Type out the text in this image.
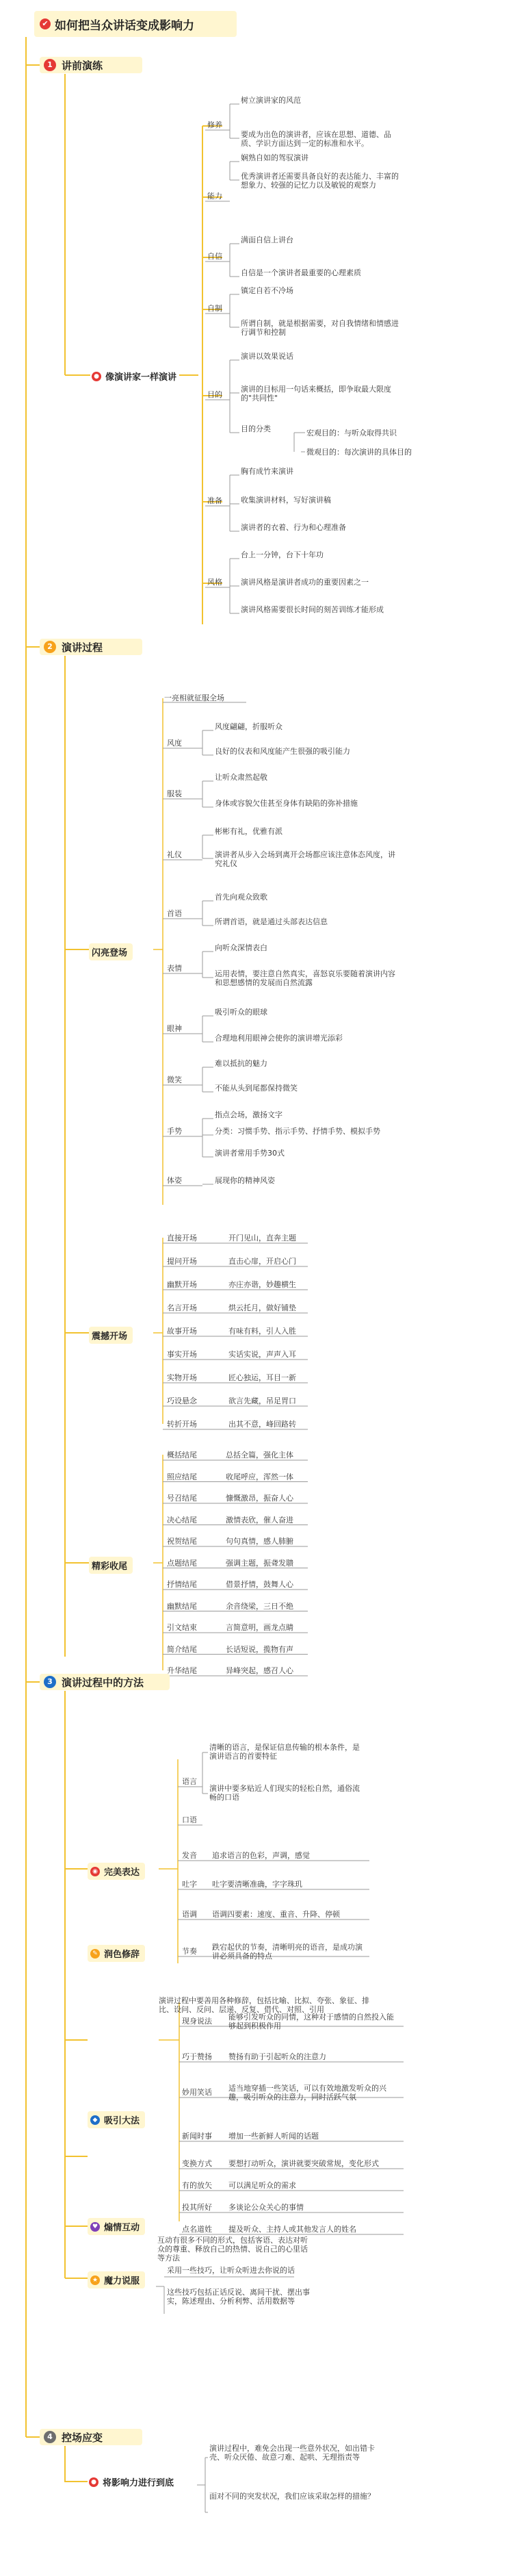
✔ 如何把当众讲话变成影响力
1 讲前演练
2 演讲过程
3 演讲过程中的方法
4 控场应变
● 像演讲家一样演讲
闪亮登场
震撼开场
精彩收尾
◉ 完美表达
✎ 润色修辞
◆ 吸引大法
♥ 煽情互动
★ 魔力说服
● 将影响力进行到底
修养
树立演讲家的风范
要成为出色的演讲者，应该在思想、道德、品质、学识方面达到一定的标准和水平。
能力
娴熟自如的驾驭演讲
优秀演讲者还需要具备良好的表达能力、丰富的想象力、较强的记忆力以及敏锐的观察力
自信
满面自信上讲台
自信是一个演讲者最重要的心理素质
自制
镇定自若不冷场
所谓自制，就是根据需要，对自我情绪和情感进行调节和控制
目的
演讲以效果说话
演讲的目标用一句话来概括，即争取最大限度的"共同性"
目的分类
准备
胸有成竹来演讲
收集演讲材料，写好演讲稿
演讲者的衣着、行为和心理准备
风格
台上一分钟，台下十年功
演讲风格是演讲者成功的重要因素之一
演讲风格需要很长时间的刻苦训练才能形成
宏观目的：与听众取得共识
微观目的：每次演讲的具体目的
一亮相就征服全场
风度
风度翩翩，折服听众
良好的仪表和风度能产生很强的吸引能力
服装
让听众肃然起敬
身体或容貌欠佳甚至身体有缺陷的弥补措施
礼仪
彬彬有礼，优雅有派
演讲者从步入会场到离开会场都应该注意体态风度，讲究礼仪
首语
首先向观众致歌
所谓首语，就是通过头部表达信息
表情
向听众深情表白
运用表情，要注意自然真实，喜怒哀乐要随着演讲内容和思想感情的发展而自然流露
眼神
吸引听众的眼球
合理地利用眼神会使你的演讲增光添彩
微笑
难以抵抗的魅力
不能从头到尾都保持微笑
手势
指点会场，激扬文字
分类：习惯手势、指示手势、抒情手势、模拟手势
演讲者常用手势30式
体姿	展现你的精神风姿
直接开场	开门见山，直奔主题
提问开场	直击心扉，开启心门
幽默开场	亦庄亦谐，妙趣横生
名言开场	烘云托月，做好铺垫
故事开场	有味有料，引人入胜
事实开场	实话实说，声声入耳
实物开场	匠心独运，耳目一新
巧设悬念	欲言先藏，吊足胃口
转折开场	出其不意，峰回路转
概括结尾	总括全篇，强化主体
照应结尾	收尾呼应，浑然一体
号召结尾	慷慨激昂，振奋人心
决心结尾	激情表欣，催人奋进
祝贺结尾	句句真情，感人肺腑
点题结尾	强调主题，振聋发聩
抒情结尾	借景抒情，鼓舞人心
幽默结尾	余音绕梁，三日不绝
引文结束	言简意明，画龙点睛
简介结尾	长话短说，揽物有声
升华结尾	异峰突起，感召人心
语言
清晰的语言，是保证信息传输的根本条件，是演讲语言的首要特征
演讲中要多贴近人们现实的轻松自然，通俗流畅的口语
口语
发音 追求语言的色彩，声调，感觉
吐字 吐字要清晰准确，字字珠玑
语调 语调四要素：速度、重音、升降、停顿
节奏 跌宕起伏的节奏，清晰明亮的语音，是成功演讲必须具备的特点
演讲过程中要善用各种修辞，包括比喻、比拟、夸张、象征、排比、设问、反问、层递、反复、借代、对照、引用
现身说法 能够引发听众的同情，这种对于感情的自然投入能够起到积极作用
巧于赞扬 赞扬有助于引起听众的注意力
妙用笑话 适当地穿插一些笑话，可以有效地激发听众的兴趣，吸引听众的注意力，同时活跃气氛
新闻时事 增加一些新鲜人听闻的话题
变换方式 要想打动听众，演讲就要突破常规，变化形式
有的放矢 可以满足听众的需求
投其所好 多谈论公众关心的事情
点名道姓 提及听众、主持人或其他发言人的姓名
互动有很多不同的形式，包括客语、表达对听众的尊重、释放自己的热情、说自己的心里话等方法
采用一些技巧，让听众听进去你说的话
这些技巧包括正话反说、离间干扰、摆出事实，陈述理由、分析利弊、活用数据等
演讲过程中，难免会出现一些意外状况，如出错卡壳、听众厌倦、故意刁难、起哄、无理指责等
面对不同的突发状况，我们应该采取怎样的措施？
